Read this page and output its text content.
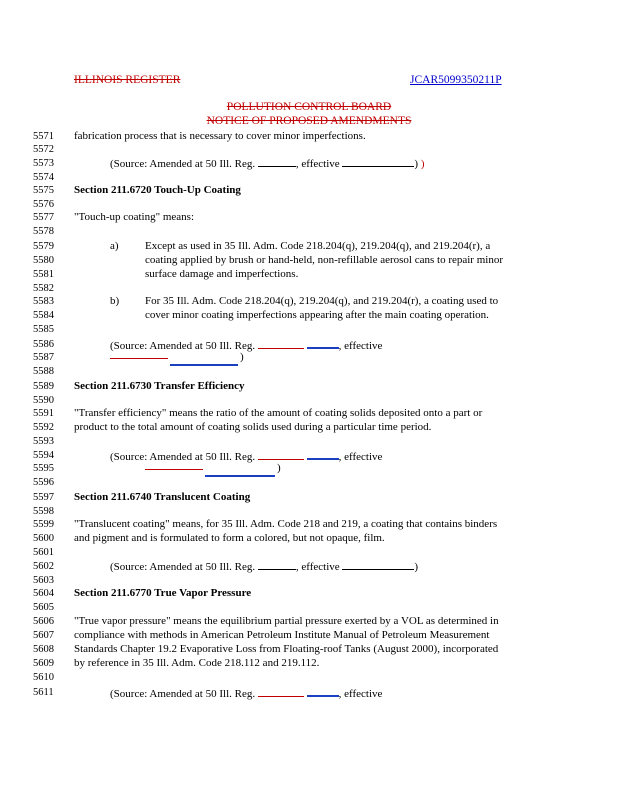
ILLINOIS REGISTER	JCAR5099350211P
POLLUTION CONTROL BOARD
NOTICE OF PROPOSED AMENDMENTS
5571
5572
5573
5574
5575
5576
5577
5578
5579
5580
5581
5582
5583
5584
5585
5586
5587
5588
5589
5590
5591
5592
5593
5594
5595
5596
5597
5598
5599
5600
5601
5602
5603
5604
5605
5606
5607
5608
5609
5610
5611
fabrication process that is necessary to cover minor imperfections.
(Source: Amended at 50 Ill. Reg.	, effective	) )
Section 211.6720 Touch-Up Coating
"Touch-up coating" means:
a) Except as used in 35 Ill. Adm. Code 218.204(q), 219.204(q), and 219.204(r), a
coating applied by brush or hand-held, non-refillable aerosol cans to repair minor
surface damage and imperfections.
b) For 35 Ill. Adm. Code 218.204(q), 219.204(q), and 219.204(r), a coating used to
cover minor coating imperfections appearing after the main coating operation.
(Source: Amended at 50 Ill. Reg.	, effective
)
Section 211.6730 Transfer Efficiency
"Transfer efficiency" means the ratio of the amount of coating solids deposited onto a part or
product to the total amount of coating solids used during a particular time period.
(Source: Amended at 50 Ill. Reg.	, effective
)
Section 211.6740 Translucent Coating
"Translucent coating" means, for 35 Ill. Adm. Code 218 and 219, a coating that contains binders
and pigment and is formulated to form a colored, but not opaque, film.
(Source: Amended at 50 Ill. Reg.	, effective	)
Section 211.6770 True Vapor Pressure
"True vapor pressure" means the equilibrium partial pressure exerted by a VOL as determined in
compliance with methods in American Petroleum Institute Manual of Petroleum Measurement
Standards Chapter 19.2 Evaporative Loss from Floating-roof Tanks (August 2000), incorporated
by reference in 35 Ill. Adm. Code 218.112 and 219.112.
(Source: Amended at 50 Ill. Reg.	, effective
